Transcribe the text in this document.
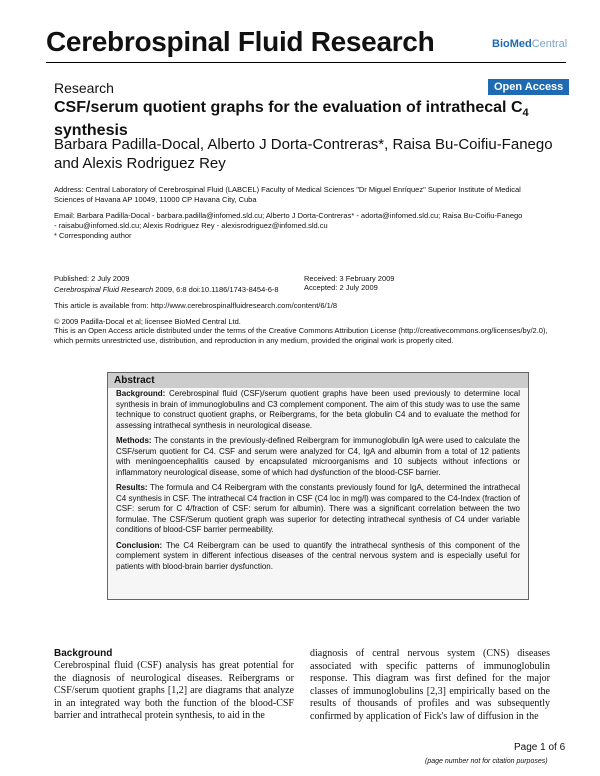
Cerebrospinal Fluid Research	BioMedCentral
Research	Open Access
CSF/serum quotient graphs for the evaluation of intrathecal $C_4$
synthesis
Barbara Padilla-Docal, Alberto J Dorta-Contreras*, Raisa Bu-Coifiu-Fanego
and Alexis Rodriguez Rey
Address: Central Laboratory of Cerebrospinal Fluid (LABCEL) Faculty of Medical Sciences "Dr Miguel Enríquez" Superior Institute of Medical Sciences of Havana AP 10049, 11000 CP Havana City, Cuba
Email: Barbara Padilla-Docal - barbara.padilla@infomed.sld.cu; Alberto J Dorta-Contreras* - adorta@infomed.sld.cu; Raisa Bu-Coifiu-Fanego - raisabu@infomed.sld.cu; Alexis Rodriguez Rey - alexisrodriguez@infomed.sld.cu
* Corresponding author
Published: 2 July 2009	Received: 3 February 2009
Accepted: 2 July 2009
Cerebrospinal Fluid Research 2009, 6:8 doi:10.1186/1743-8454-6-8
This article is available from: http://www.cerebrospinalfluidresearch.com/content/6/1/8
© 2009 Padilla-Docal et al; licensee BioMed Central Ltd.
This is an Open Access article distributed under the terms of the Creative Commons Attribution License (http://creativecommons.org/licenses/by/2.0), which permits unrestricted use, distribution, and reproduction in any medium, provided the original work is properly cited.
Abstract

Background: Cerebrospinal fluid (CSF)/serum quotient graphs have been used previously to determine local synthesis in brain of immunoglobulins and C3 complement component. The aim of this study was to use the same technique to construct quotient graphs, or Reibergrams, for the beta globulin C4 and to evaluate the method for assessing intrathecal synthesis in neurological disease.

Methods: The constants in the previously-defined Reibergram for immunoglobulin IgA were used to calculate the CSF/serum quotient for C4. CSF and serum were analyzed for C4, IgA and albumin from a total of 12 patients with meningoencephalitis caused by encapsulated microorganisms and 10 subjects without infections or inflammatory neurological disease, some of which had dysfunction of the blood-CSF barrier.

Results: The formula and C4 Reibergram with the constants previously found for IgA, determined the intrathecal C4 synthesis in CSF. The intrathecal C4 fraction in CSF (C4 loc in mg/l) was compared to the C4-Index (fraction of CSF: serum for C 4/fraction of CSF: serum for albumin). There was a significant correlation between the two formulae. The CSF/Serum quotient graph was superior for detecting intrathecal synthesis of C4 under variable conditions of blood-CSF barrier permeability.

Conclusion: The C4 Reibergram can be used to quantify the intrathecal synthesis of this component of the complement system in different infectious diseases of the central nervous system and is especially useful for patients with blood-brain barrier dysfunction.

Background
Cerebrospinal fluid (CSF) analysis has great potential for the diagnosis of neurological diseases. Reibergrams or CSF/serum quotient graphs [1,2] are diagrams that analyze in an integrated way both the function of the blood-CSF barrier and intrathecal protein synthesis, to aid in the
diagnosis of central nervous system (CNS) diseases associated with specific patterns of immunoglobulin response. This diagram was first defined for the major classes of immunoglobulins [2,3] empirically based on the results of thousands of profiles and was subsequently confirmed by application of Fick's law of diffusion in the
Page 1 of 6
(page number not for citation purposes)
